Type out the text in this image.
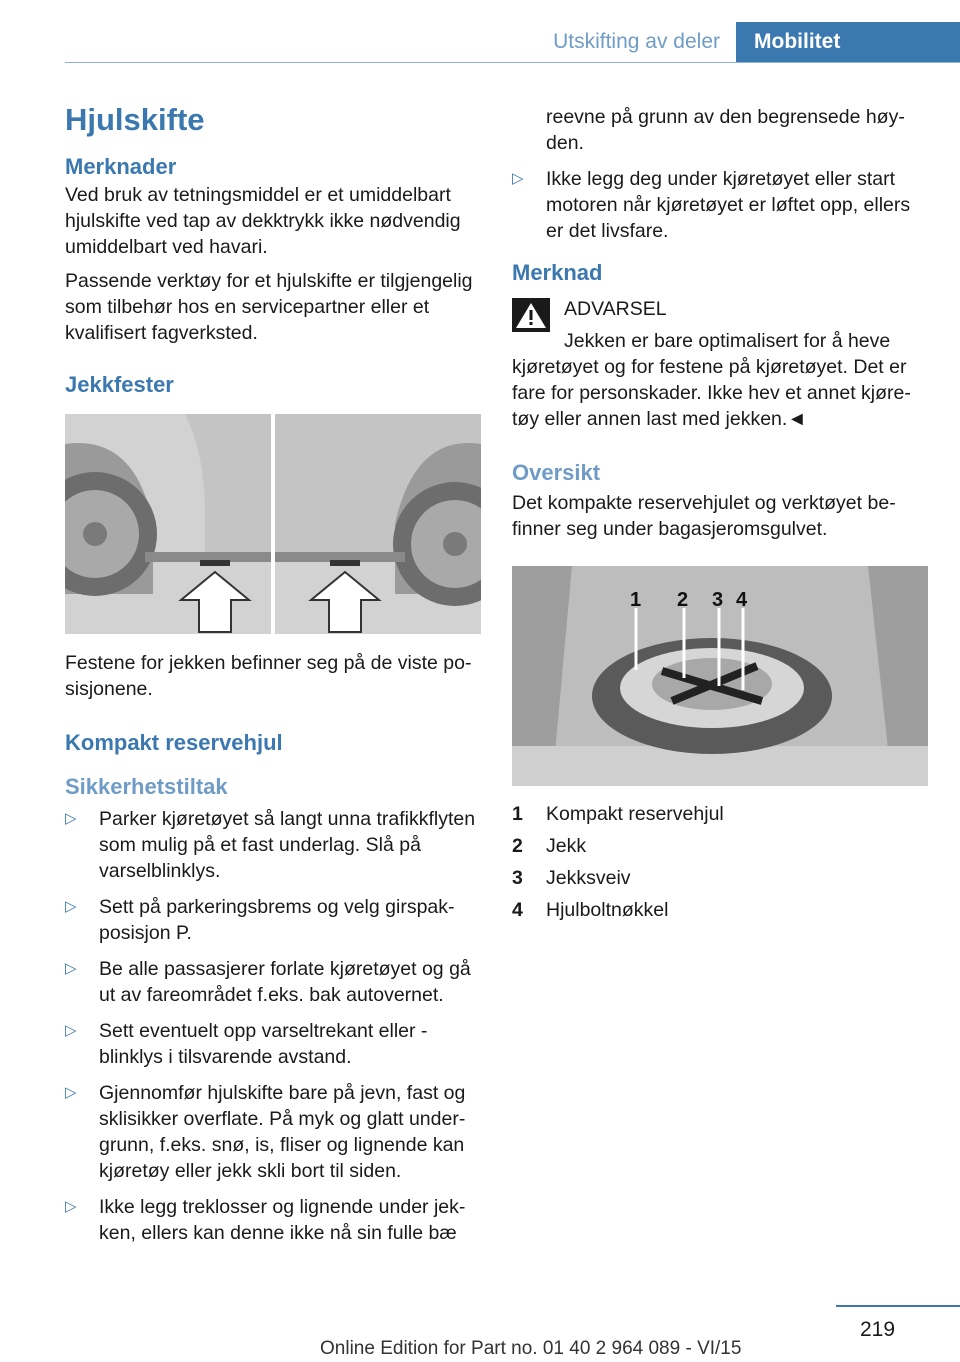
Utskifting av deler	Mobilitet
Hjulskifte
Merknader

Ved bruk av tetningsmiddel er et umiddelbart hjulskifte ved tap av dekktrykk ikke nødvendig umiddelbart ved havari.

Passende verktøy for et hjulskifte er tilgjengelig som tilbehør hos en servicepartner eller et kvalifisert fagverksted.

Jekkfester

Festene for jekken befinner seg på de viste posisjonene.

Kompakt reservehjul
Sikkerhetstiltak
▷ Parker kjøretøyet så langt unna trafikkflyten som mulig på et fast underlag. Slå på varselblinklys.
▷ Sett på parkeringsbrems og velg girspakposisjon P.
▷ Be alle passasjerer forlate kjøretøyet og gå ut av fareområdet f.eks. bak autovernet.
▷ Sett eventuelt opp varseltrekant eller -blinklys i tilsvarende avstand.
▷ Gjennomfør hjulskifte bare på jevn, fast og sklisikker overflate. På myk og glatt undergrunn, f.eks. snø, is, fliser og lignende kan kjøretøy eller jekk skli bort til siden.
▷ Ikke legg treklosser og lignende under jekken, ellers kan denne ikke nå sin fulle bæ

reevne på grunn av den begrensede høyden.

▷ Ikke legg deg under kjøretøyet eller start motoren når kjøretøyet er løftet opp, ellers er det livsfare.
Merknad

ADVARSEL

Jekken er bare optimalisert for å heve kjøretøyet og for festene på kjøretøyet. Det er fare for personskader. Ikke hev et annet kjøretøy eller annen last med jekken.◄

Oversikt

Det kompakte reservehjulet og verktøyet befinner seg under bagasjeromsgulvet.

1 2 3 4
1	Kompakt reservehjul
2	Jekk
3	Jekksveiv
4	Hjulboltnøkkel
219
Online Edition for Part no. 01 40 2 964 089 - VI/15
